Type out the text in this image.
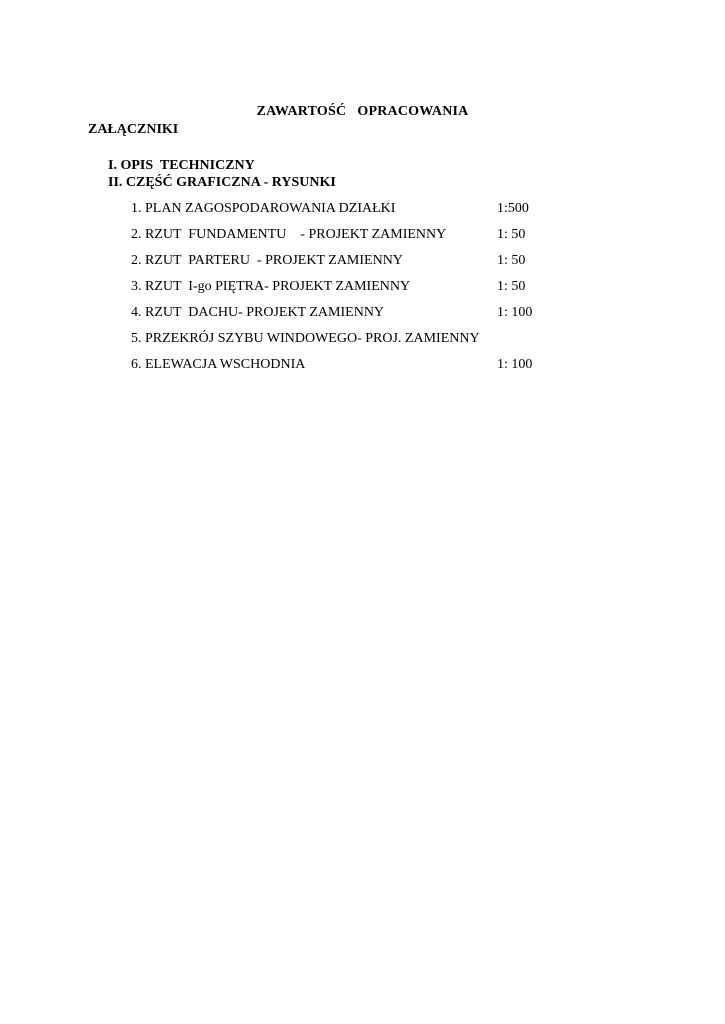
ZAWARTOŚĆ   OPRACOWANIA
ZAŁĄCZNIKI
I. OPIS  TECHNICZNY
II. CZĘŚĆ GRAFICZNA - RYSUNKI
1. PLAN ZAGOSPODAROWANIA DZIAŁKI	1:500
2. RZUT  FUNDAMENTU    - PROJEKT ZAMIENNY	1: 50
2. RZUT  PARTERU  - PROJEKT ZAMIENNY	1: 50
3. RZUT  I-go PIĘTRA- PROJEKT ZAMIENNY	1: 50
4. RZUT  DACHU- PROJEKT ZAMIENNY	1: 100
5. PRZEKRÓJ SZYBU WINDOWEGO- PROJ. ZAMIENNY
6. ELEWACJA WSCHODNIA	1: 100
